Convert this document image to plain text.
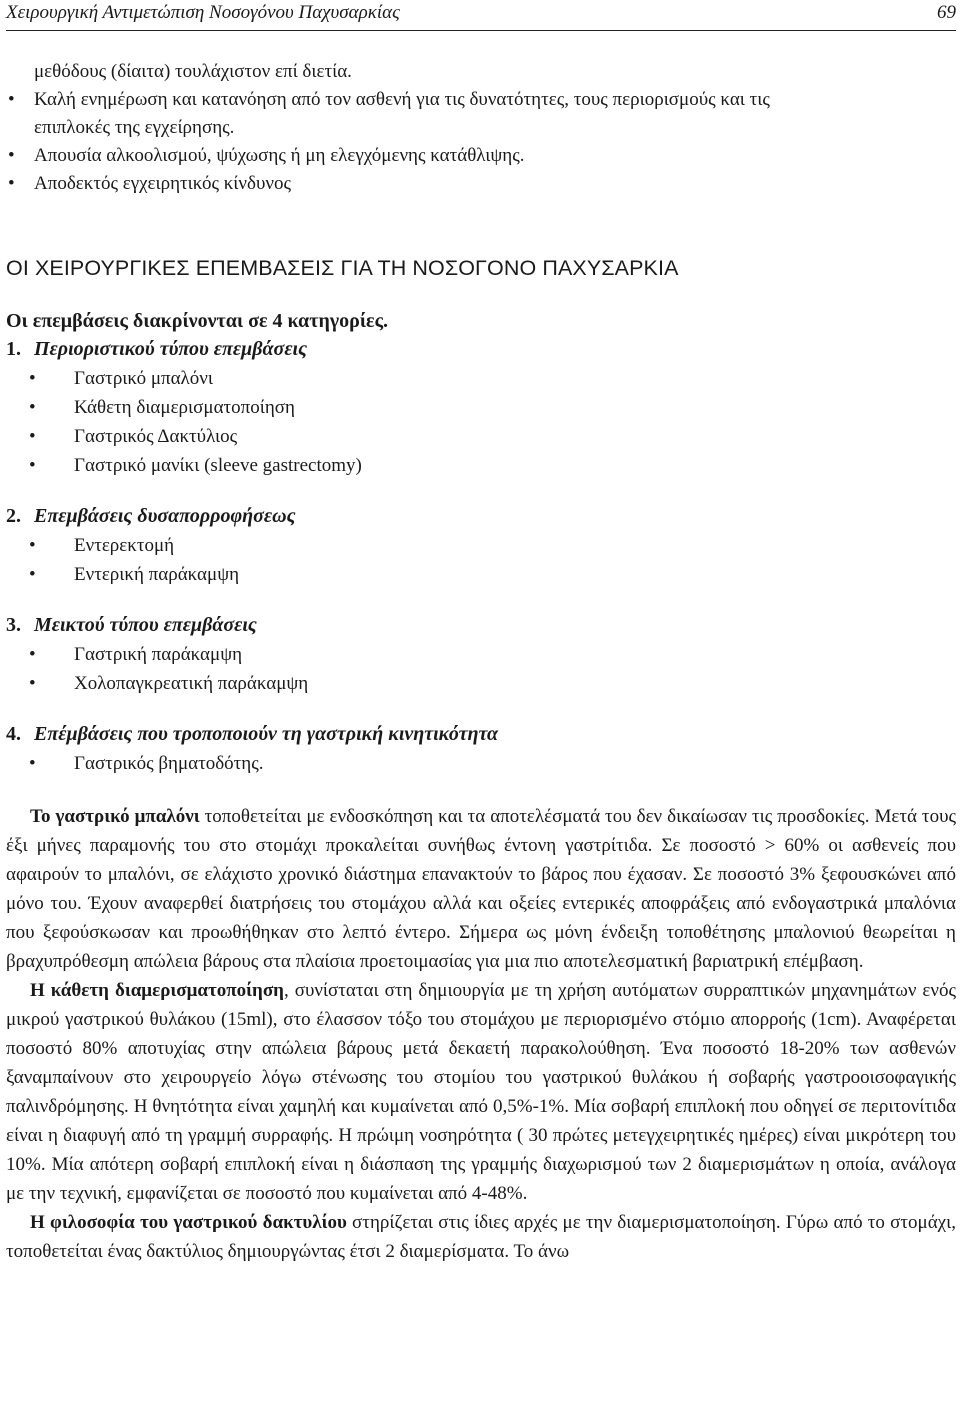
Χειρουργική Αντιμετώπιση Νοσογόνου Παχυσαρκίας	69
μεθόδους (δίαιτα) τουλάχιστον επί διετία.
• Καλή ενημέρωση και κατανόηση από τον ασθενή για τις δυνατότητες, τους περιορισμούς και τις
επιπλοκές της εγχείρησης.
• Απουσία αλκοολισμού, ψύχωσης ή μη ελεγχόμενης κατάθλιψης.
• Αποδεκτός εγχειρητικός κίνδυνος
ΟΙ ΧΕΙΡΟΥΡΓΙΚΕΣ ΕΠΕΜΒΑΣΕΙΣ ΓΙΑ ΤΗ ΝΟΣΟΓΟΝΟ ΠΑΧΥΣΑΡΚΙΑ
Οι επεμβάσεις διακρίνονται σε 4 κατηγορίες.
1. Περιοριστικού τύπου επεμβάσεις
• Γαστρικό μπαλόνι
• Κάθετη διαμερισματοποίηση
• Γαστρικός Δακτύλιος
• Γαστρικό μανίκι (sleeve gastrectomy)
2. Επεμβάσεις δυσαπορροφήσεως
• Εντερεκτομή
• Εντερική παράκαμψη
3. Μεικτού τύπου επεμβάσεις
• Γαστρική παράκαμψη
• Χολοπαγκρεατική παράκαμψη
4. Επέμβάσεις που τροποποιούν τη γαστρική κινητικότητα
• Γαστρικός βηματοδότης.

Το γαστρικό μπαλόνι τοποθετείται με ενδοσκόπηση και τα αποτελέσματά του δεν δικαίωσαν τις προσδοκίες. Μετά τους έξι μήνες παραμονής του στο στομάχι προκαλείται συνήθως έντονη γαστρίτιδα. Σε ποσοστό > 60% οι ασθενείς που αφαιρούν το μπαλόνι, σε ελάχιστο χρονικό διάστημα επανακτούν το βάρος που έχασαν. Σε ποσοστό 3% ξεφουσκώνει από μόνο του. Έχουν αναφερθεί διατρήσεις του στομάχου αλλά και οξείες εντερικές αποφράξεις από ενδογαστρικά μπαλόνια που ξεφούσκωσαν και προωθήθηκαν στο λεπτό έντερο. Σήμερα ως μόνη ένδειξη τοποθέτησης μπαλονιού θεωρείται η βραχυπρόθεσμη απώλεια βάρους στα πλαίσια προετοιμασίας για μια πιο αποτελεσματική βαριατρική επέμβαση.

Η κάθετη διαμερισματοποίηση, συνίσταται στη δημιουργία με τη χρήση αυτόματων συρραπτικών μηχανημάτων ενός μικρού γαστρικού θυλάκου (15ml), στο έλασσον τόξο του στομάχου με περιορισμένο στόμιο απορροής (1cm). Αναφέρεται ποσοστό 80% αποτυχίας στην απώλεια βάρους μετά δεκαετή παρακολούθηση. Ένα ποσοστό 18-20% των ασθενών ξαναμπαίνουν στο χειρουργείο λόγω στένωσης του στομίου του γαστρικού θυλάκου ή σοβαρής γαστροοισοφαγικής παλινδρόμησης. Η θνητότητα είναι χαμηλή και κυμαίνεται από 0,5%-1%. Μία σοβαρή επιπλοκή που οδηγεί σε περιτονίτιδα είναι η διαφυγή από τη γραμμή συρραφής. Η πρώιμη νοσηρότητα ( 30 πρώτες μετεγχειρητικές ημέρες) είναι μικρότερη του 10%. Μία απότερη σοβαρή επιπλοκή είναι η διάσπαση της γραμμής διαχωρισμού των 2 διαμερισμάτων η οποία, ανάλογα με την τεχνική, εμφανίζεται σε ποσοστό που κυμαίνεται από 4-48%.

Η φιλοσοφία του γαστρικού δακτυλίου στηρίζεται στις ίδιες αρχές με την διαμερισματοποίηση. Γύρω από το στομάχι, τοποθετείται ένας δακτύλιος δημιουργώντας έτσι 2 διαμερίσματα. Το άνω
